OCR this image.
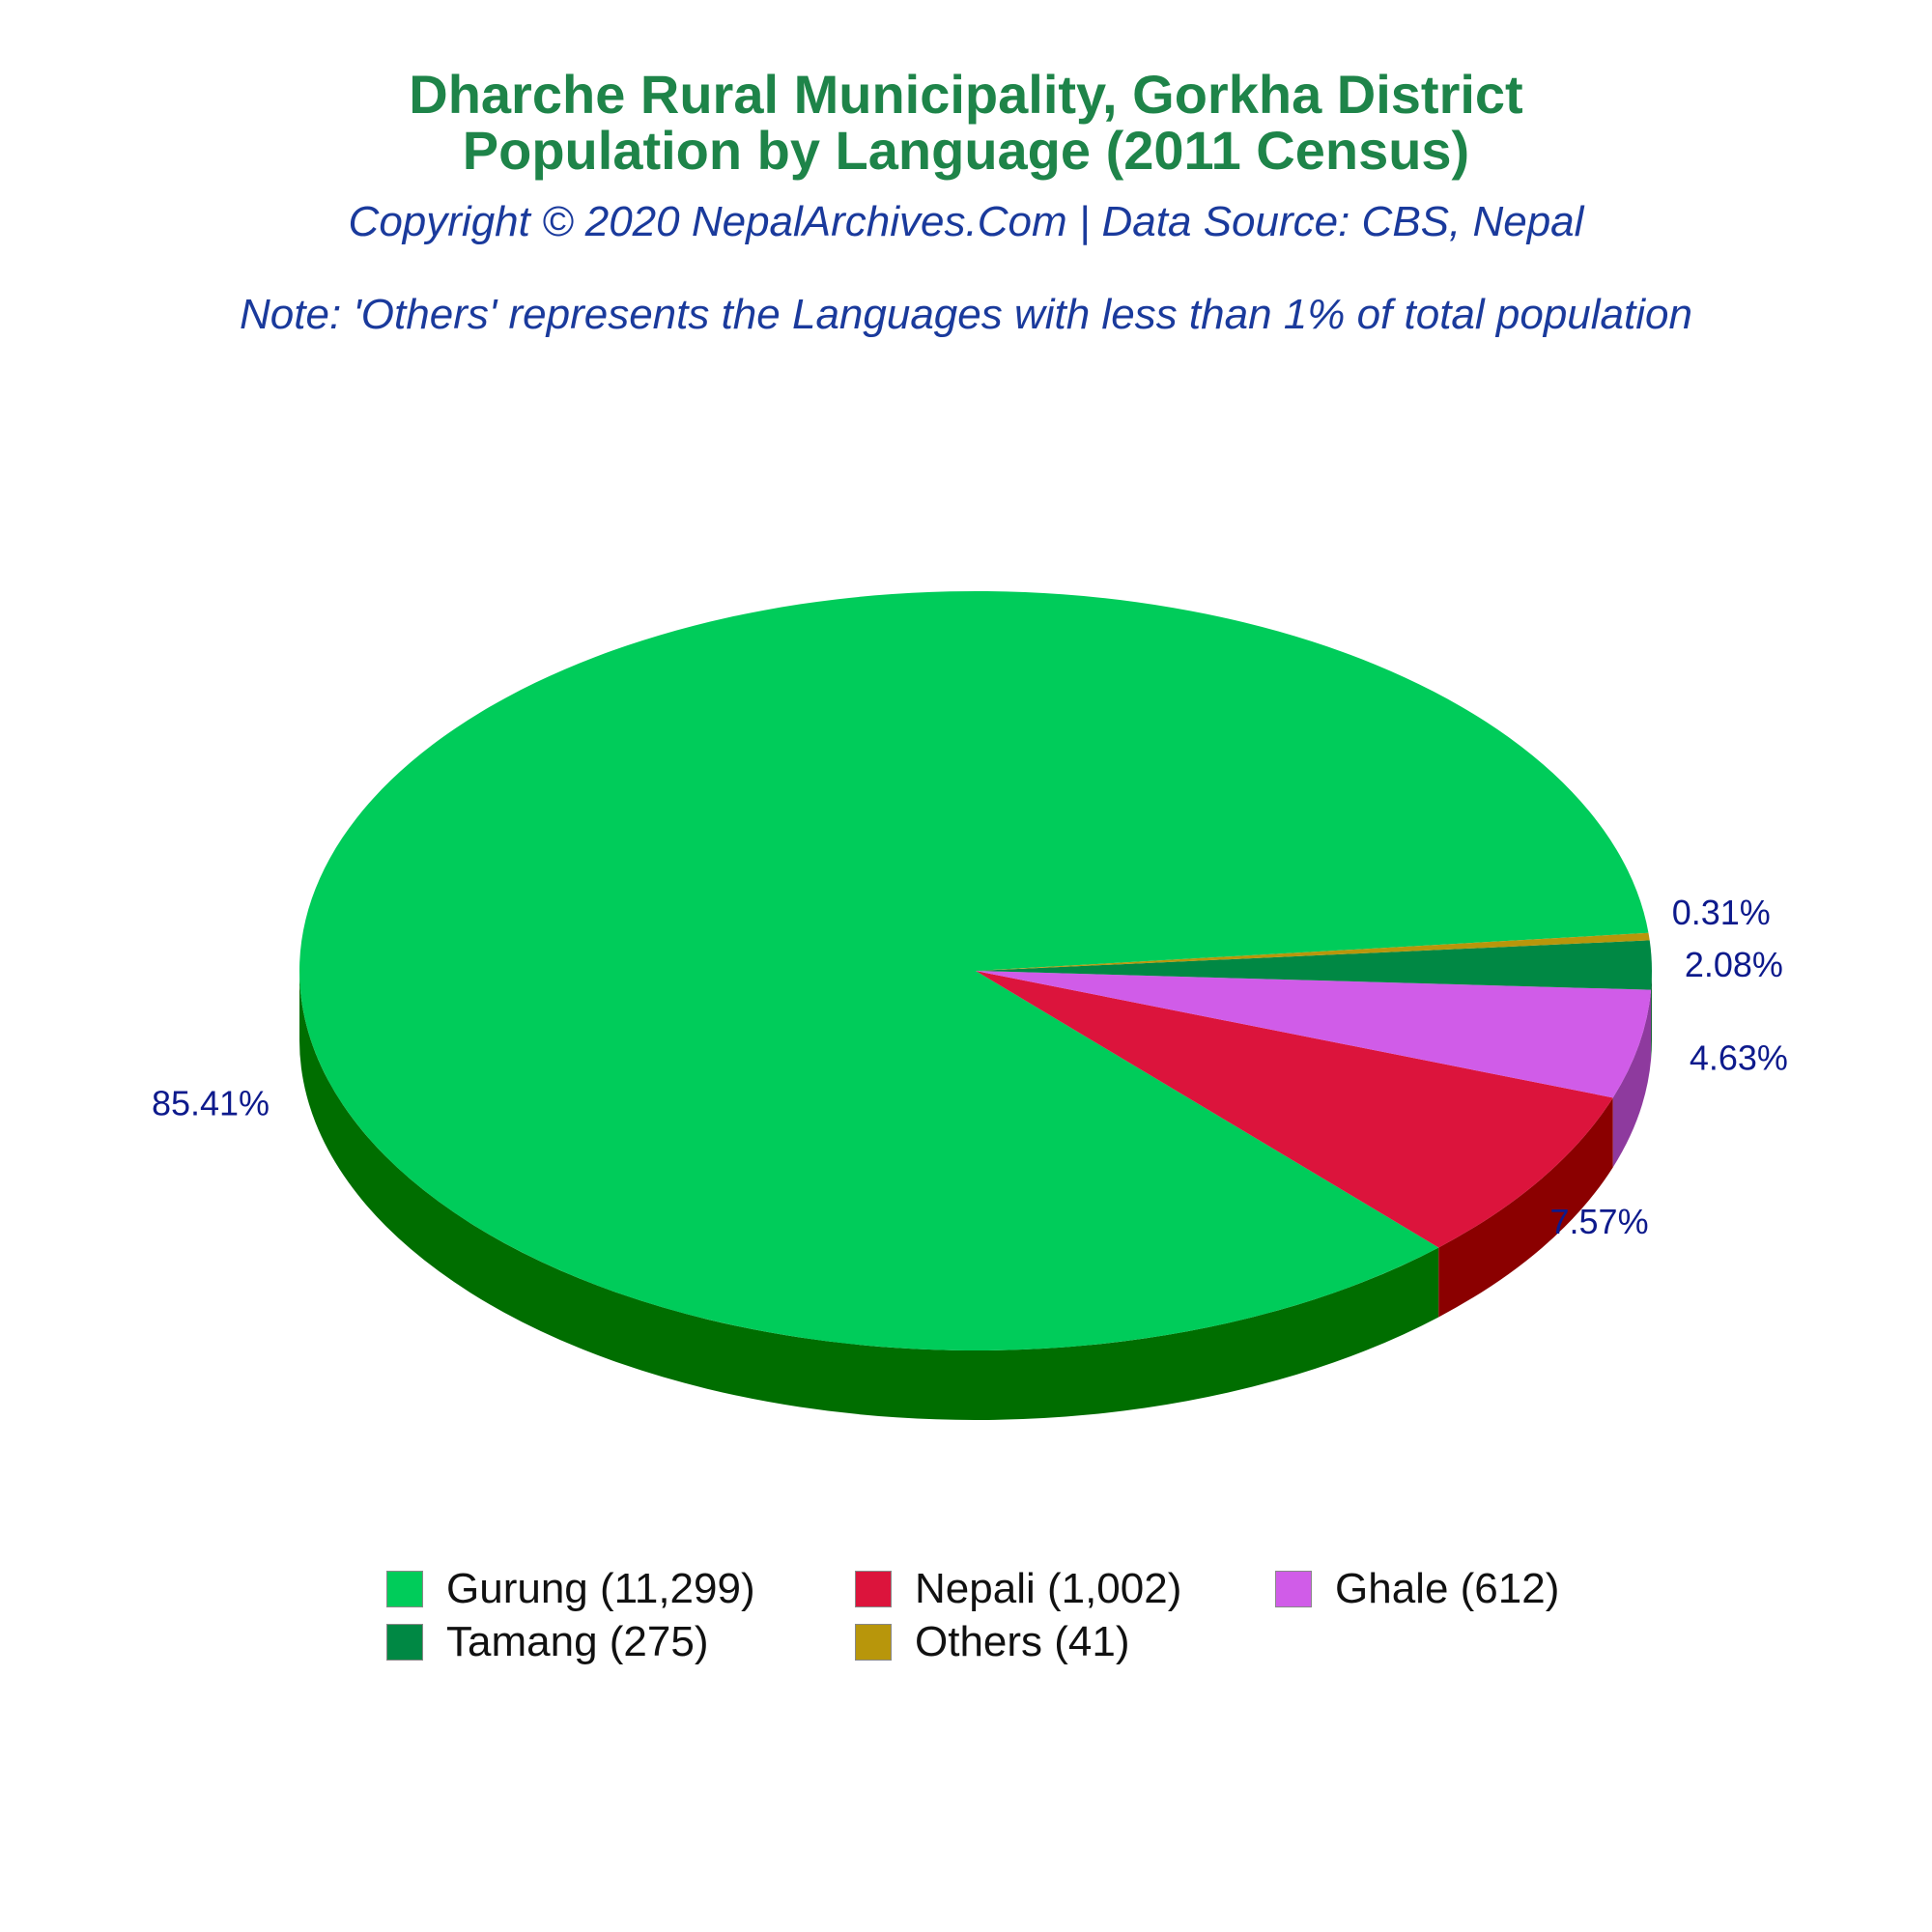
Dharche Rural Municipality, Gorkha District
Population by Language (2011 Census)
Copyright © 2020 NepalArchives.Com | Data Source: CBS, Nepal
Note: 'Others' represents the Languages with less than 1% of total population
85.41%
7.57%
4.63%
2.08%
0.31%
Gurung (11,299)	Nepali (1,002)	Ghale (612)
Tamang (275)	Others (41)
